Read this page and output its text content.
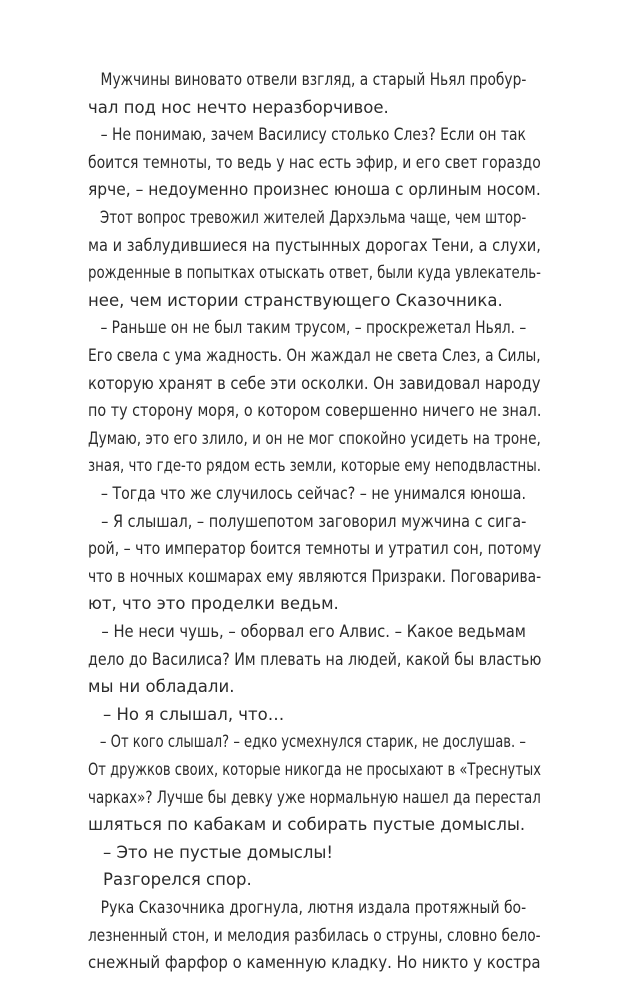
Мужчины виновато отвели взгляд, а старый Ньял пробур-
чал под нос нечто неразборчивое.
– Не понимаю, зачем Василису столько Слез? Если он так
боится темноты, то ведь у нас есть эфир, и его свет гораздо
ярче, – недоуменно произнес юноша с орлиным носом.
Этот вопрос тревожил жителей Дархэльма чаще, чем штор-
ма и заблудившиеся на пустынных дорогах Тени, а слухи,
рожденные в попытках отыскать ответ, были куда увлекатель-
нее, чем истории странствующего Сказочника.
– Раньше он не был таким трусом, – проскрежетал Ньял. –
Его свела с ума жадность. Он жаждал не света Слез, а Силы,
которую хранят в себе эти осколки. Он завидовал народу
по ту сторону моря, о котором совершенно ничего не знал.
Думаю, это его злило, и он не мог спокойно усидеть на троне,
зная, что где-то рядом есть земли, которые ему неподвластны.
– Тогда что же случилось сейчас? – не унимался юноша.
– Я слышал, – полушепотом заговорил мужчина с сига-
рой, – что император боится темноты и утратил сон, потому
что в ночных кошмарах ему являются Призраки. Поговарива-
ют, что это проделки ведьм.
– Не неси чушь, – оборвал его Алвис. – Какое ведьмам
дело до Василиса? Им плевать на людей, какой бы властью
мы ни обладали.
– Но я слышал, что…
– От кого слышал? – едко усмехнулся старик, не дослушав. –
От дружков своих, которые никогда не просыхают в «Треснутых
чарках»? Лучше бы девку уже нормальную нашел да перестал
шляться по кабакам и собирать пустые домыслы.
– Это не пустые домыслы!
Разгорелся спор.
Рука Сказочника дрогнула, лютня издала протяжный бо-
лезненный стон, и мелодия разбилась о струны, словно бело-
снежный фарфор о каменную кладку. Но никто у костра
